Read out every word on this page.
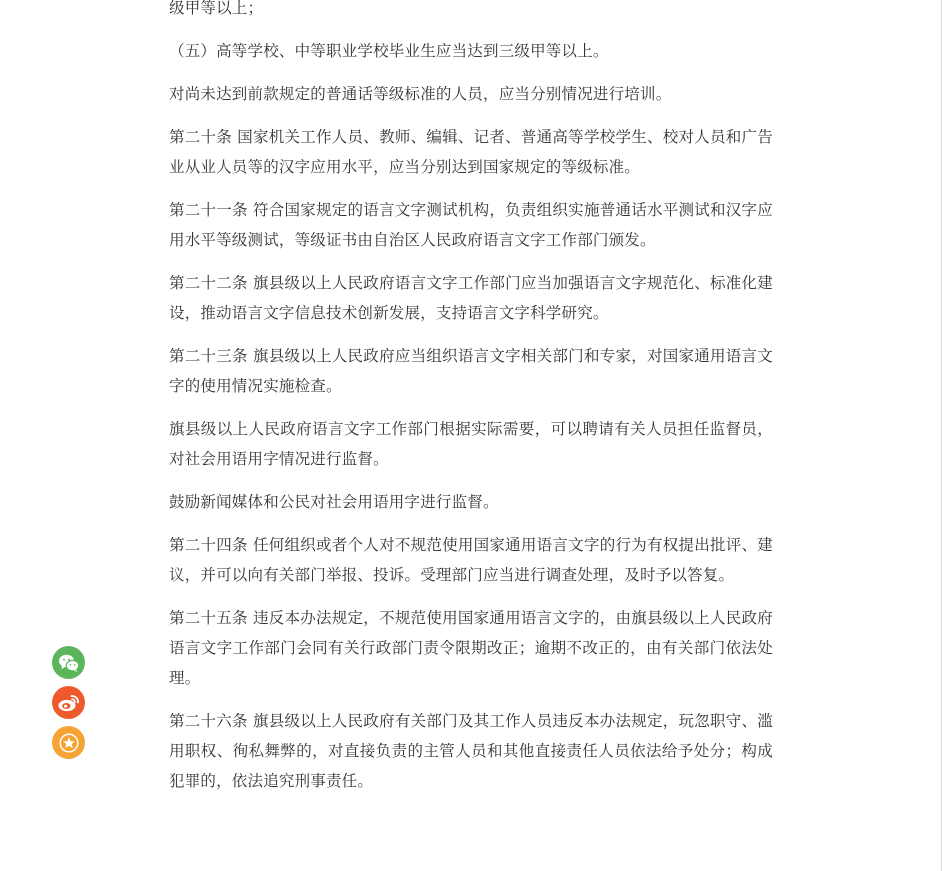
级甲等以上；

（五）高等学校、中等职业学校毕业生应当达到三级甲等以上。

对尚未达到前款规定的普通话等级标准的人员，应当分别情况进行培训。

第二十条 国家机关工作人员、教师、编辑、记者、普通高等学校学生、校对人员和广告业从业人员等的汉字应用水平，应当分别达到国家规定的等级标准。

第二十一条 符合国家规定的语言文字测试机构，负责组织实施普通话水平测试和汉字应用水平等级测试，等级证书由自治区人民政府语言文字工作部门颁发。

第二十二条 旗县级以上人民政府语言文字工作部门应当加强语言文字规范化、标准化建设，推动语言文字信息技术创新发展，支持语言文字科学研究。

第二十三条 旗县级以上人民政府应当组织语言文字相关部门和专家，对国家通用语言文字的使用情况实施检查。

旗县级以上人民政府语言文字工作部门根据实际需要，可以聘请有关人员担任监督员，对社会用语用字情况进行监督。

鼓励新闻媒体和公民对社会用语用字进行监督。

第二十四条 任何组织或者个人对不规范使用国家通用语言文字的行为有权提出批评、建议，并可以向有关部门举报、投诉。受理部门应当进行调查处理，及时予以答复。

第二十五条 违反本办法规定，不规范使用国家通用语言文字的，由旗县级以上人民政府语言文字工作部门会同有关行政部门责令限期改正；逾期不改正的，由有关部门依法处理。

第二十六条 旗县级以上人民政府有关部门及其工作人员违反本办法规定，玩忽职守、滥用职权、徇私舞弊的，对直接负责的主管人员和其他直接责任人员依法给予处分；构成犯罪的，依法追究刑事责任。
